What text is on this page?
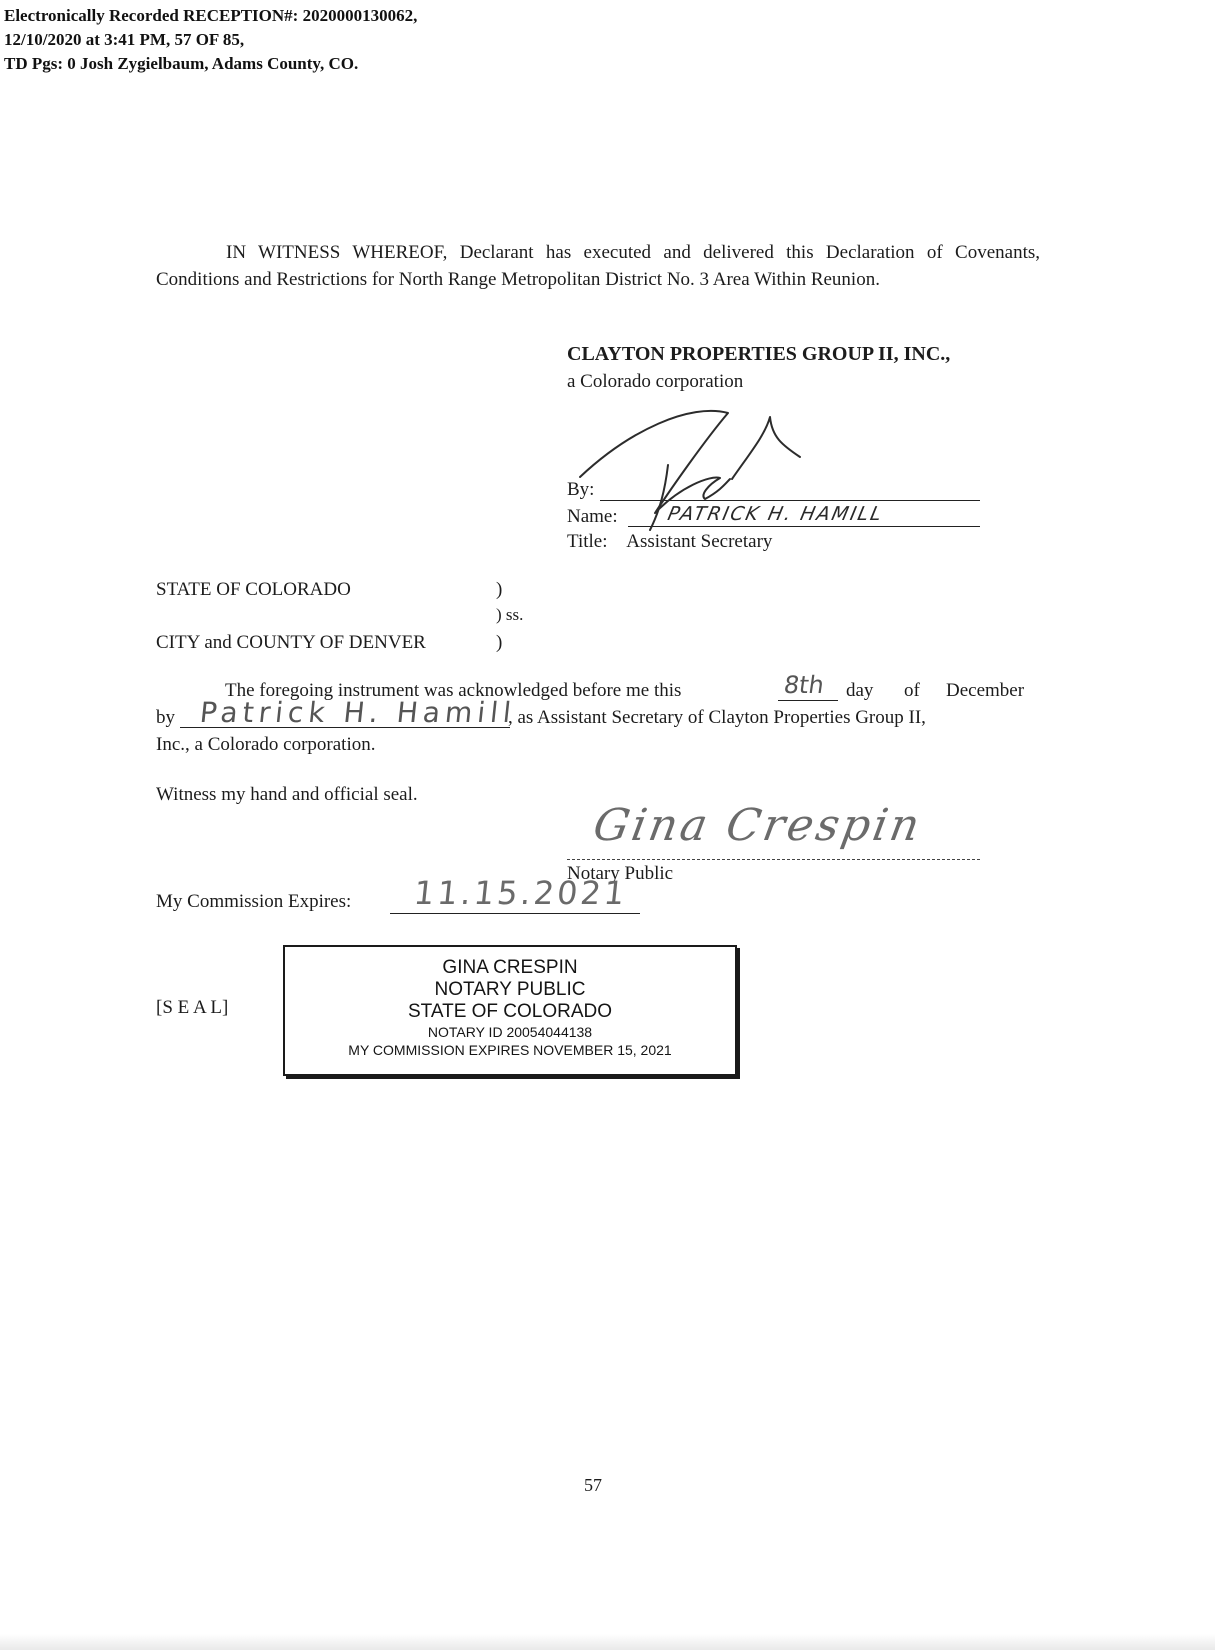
Electronically Recorded RECEPTION#: 2020000130062,
12/10/2020 at 3:41 PM, 57 OF 85,
TD Pgs: 0 Josh Zygielbaum, Adams County, CO.
IN WITNESS WHEREOF, Declarant has executed and delivered this Declaration of Covenants, Conditions and Restrictions for North Range Metropolitan District No. 3 Area Within Reunion.
CLAYTON PROPERTIES GROUP II, INC.,
a Colorado corporation
By:
Name:	PATRICK H. HAMILL
Title: Assistant Secretary
STATE OF COLORADO	)
) ss.
CITY and COUNTY OF DENVER	)
The foregoing instrument was acknowledged before me this	8th day of December
by Patrick H. Hamill
, as Assistant Secretary of Clayton Properties Group II,
Inc., a Colorado corporation.
Witness my hand and official seal.
Gina Crespin
Notary Public
My Commission Expires: 11.15.2021
[S E A L]
GINA CRESPIN
NOTARY PUBLIC
STATE OF COLORADO
NOTARY ID 20054044138
MY COMMISSION EXPIRES NOVEMBER 15, 2021
57
